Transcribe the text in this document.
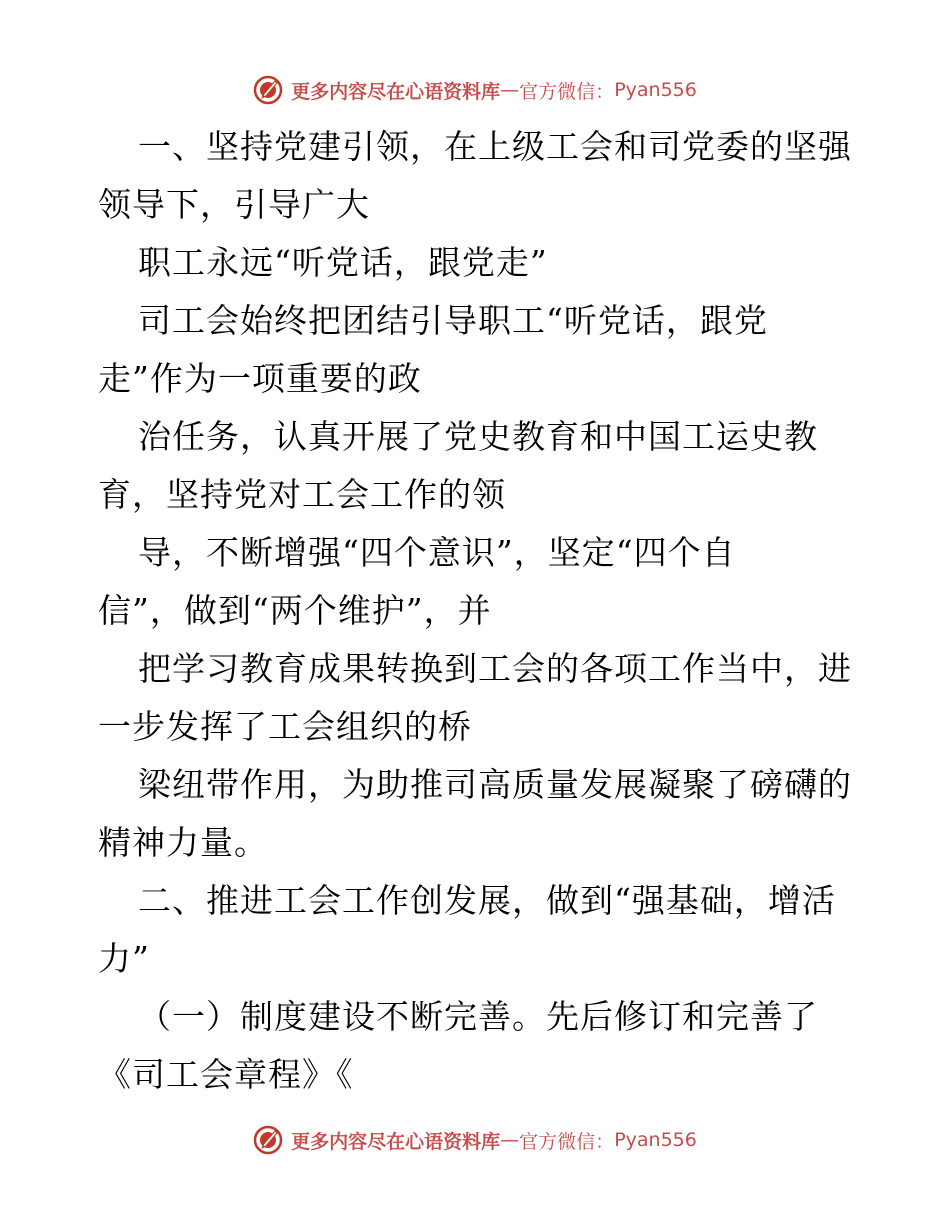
更多内容尽在心语资料库 — 官方微信： Pyan556
一、坚持党建引领，在上级工会和司党委的坚强
领导下，引导广大
职工永远“听党话，跟党走”
司工会始终把团结引导职工“听党话，跟党
走”作为一项重要的政
治任务，认真开展了党史教育和中国工运史教
育，坚持党对工会工作的领
导，不断增强“四个意识”，坚定“四个自
信”，做到“两个维护”，并
把学习教育成果转换到工会的各项工作当中，进
一步发挥了工会组织的桥
梁纽带作用，为助推司高质量发展凝聚了磅礴的
精神力量。
二、推进工会工作创发展，做到“强基础，增活
力”
（一）制度建设不断完善。先后修订和完善了
《司工会章程》《
更多内容尽在心语资料库 — 官方微信： Pyan556
